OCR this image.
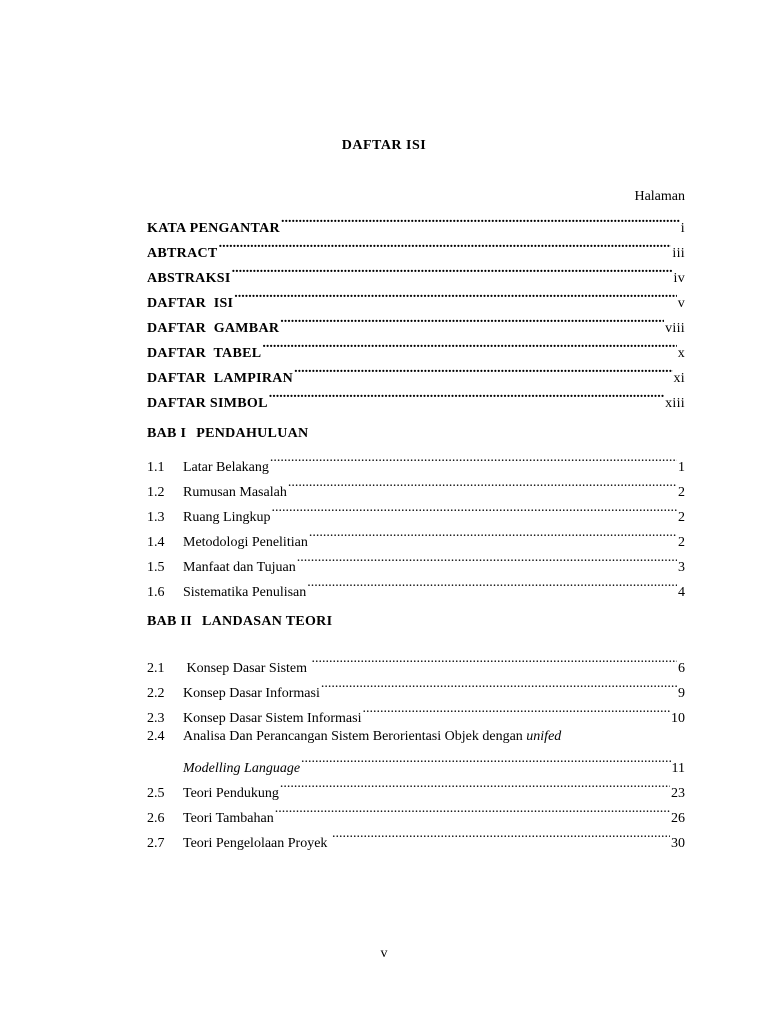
DAFTAR ISI
Halaman
KATA PENGANTAR .....	i
ABTRACT .....	iii
ABSTRAKSI .....	iv
DAFTAR  ISI .....	v
DAFTAR  GAMBAR .....	viii
DAFTAR  TABEL .....	x
DAFTAR  LAMPIRAN .....	xi
DAFTAR SIMBOL .....	xiii
BAB I PENDAHULUAN
1.1	Latar Belakang .....	1
1.2	Rumusan Masalah .....	2
1.3	Ruang Lingkup .....	2
1.4	Metodologi Penelitian .....	2
1.5	Manfaat dan Tujuan .....	3
1.6	Sistematika Penulisan .....	4
BAB II LANDASAN TEORI
2.1	Konsep Dasar Sistem .....	6
2.2	Konsep Dasar Informasi .....	9
2.3	Konsep Dasar Sistem Informasi .....	10
2.4	Analisa Dan Perancangan Sistem Berorientasi Objek dengan unifed
Modelling Language .....	11
2.5	Teori Pendukung .....	23
2.6	Teori Tambahan .....	26
2.7	Teori Pengelolaan Proyek .....	30
v
